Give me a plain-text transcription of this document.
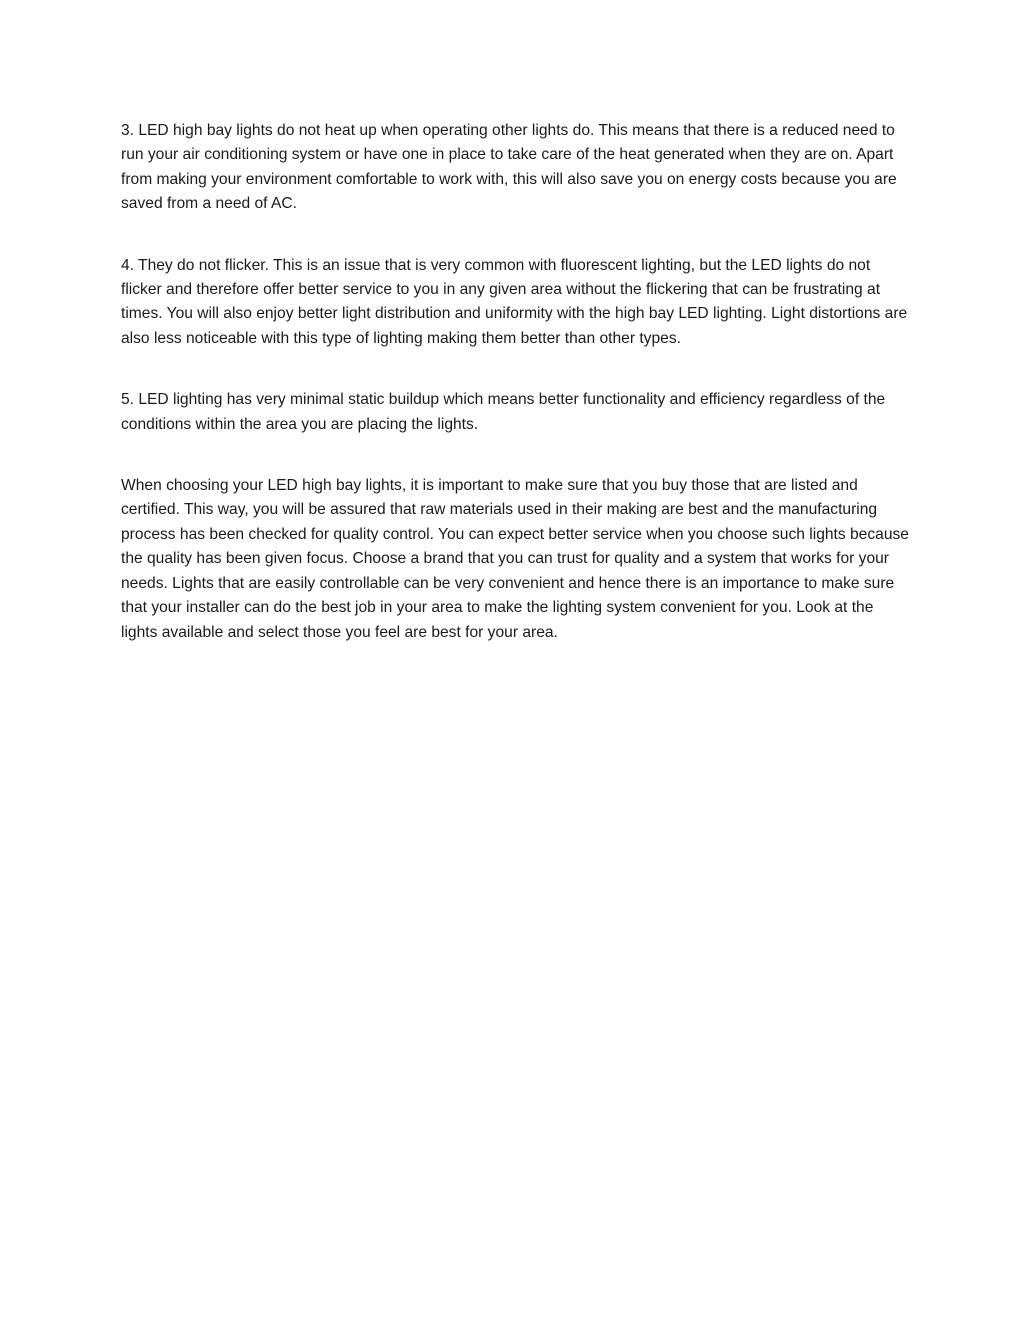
3. LED high bay lights do not heat up when operating other lights do. This means that there is a reduced need to run your air conditioning system or have one in place to take care of the heat generated when they are on. Apart from making your environment comfortable to work with, this will also save you on energy costs because you are saved from a need of AC.

4. They do not flicker. This is an issue that is very common with fluorescent lighting, but the LED lights do not flicker and therefore offer better service to you in any given area without the flickering that can be frustrating at times. You will also enjoy better light distribution and uniformity with the high bay LED lighting. Light distortions are also less noticeable with this type of lighting making them better than other types.

5. LED lighting has very minimal static buildup which means better functionality and efficiency regardless of the conditions within the area you are placing the lights.

When choosing your LED high bay lights, it is important to make sure that you buy those that are listed and certified. This way, you will be assured that raw materials used in their making are best and the manufacturing process has been checked for quality control. You can expect better service when you choose such lights because the quality has been given focus. Choose a brand that you can trust for quality and a system that works for your needs. Lights that are easily controllable can be very convenient and hence there is an importance to make sure that your installer can do the best job in your area to make the lighting system convenient for you. Look at the lights available and select those you feel are best for your area.
